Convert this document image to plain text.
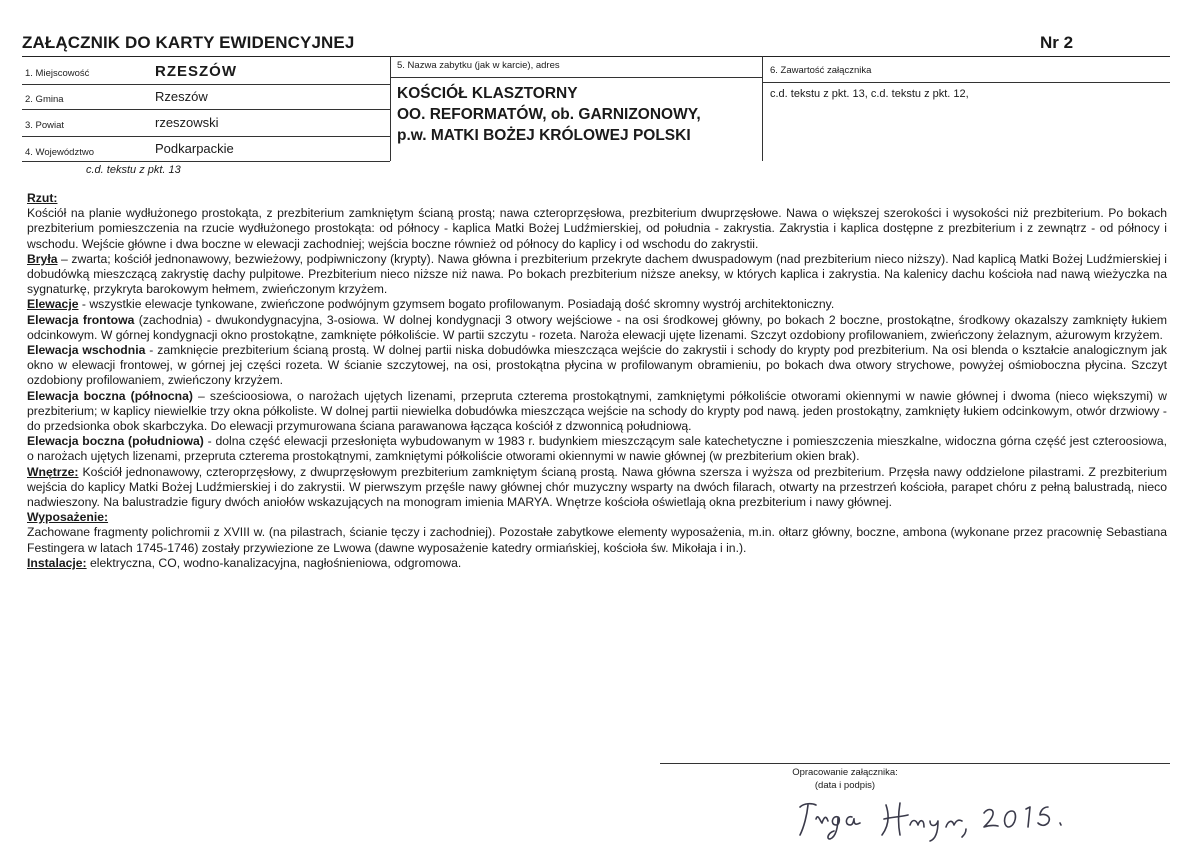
ZAŁĄCZNIK DO KARTY EWIDENCYJNEJ	Nr 2
1. Miejscowość	RZESZÓW
2. Gmina	Rzeszów
3. Powiat	rzeszowski
4. Województwo	Podkarpackie
5. Nazwa zabytku (jak w karcie), adres
KOŚCIÓŁ KLASZTORNY
OO. REFORMATÓW, ob. GARNIZONOWY,
p.w. MATKI BOŻEJ KRÓLOWEJ POLSKI
6. Zawartość załącznika
c.d. tekstu z pkt. 13, c.d. tekstu z pkt. 12,
c.d. tekstu z pkt. 13

Rzut:

Kościół na planie wydłużonego prostokąta, z prezbiterium zamkniętym ścianą prostą; nawa czteroprzęsłowa, prezbiterium dwuprzęsłowe. Nawa o większej szerokości i wysokości niż prezbiterium. Po bokach prezbiterium pomieszczenia na rzucie wydłużonego prostokąta: od północy - kaplica Matki Bożej Ludźmierskiej, od południa - zakrystia. Zakrystia i kaplica dostępne z prezbiterium i z zewnątrz - od północy i wschodu. Wejście główne i dwa boczne w elewacji zachodniej; wejścia boczne również od północy do kaplicy i od wschodu do zakrystii.

Bryła – zwarta; kościół jednonawowy, bezwieżowy, podpiwniczony (krypty). Nawa główna i prezbiterium przekryte dachem dwuspadowym (nad prezbiterium nieco niższy). Nad kaplicą Matki Bożej Ludźmierskiej i dobudówką mieszczącą zakrystię dachy pulpitowe. Prezbiterium nieco niższe niż nawa. Po bokach prezbiterium niższe aneksy, w których kaplica i zakrystia. Na kalenicy dachu kościoła nad nawą wieżyczka na sygnaturkę, przykryta barokowym hełmem, zwieńczonym krzyżem.

Elewacje - wszystkie elewacje tynkowane, zwieńczone podwójnym gzymsem bogato profilowanym. Posiadają dość skromny wystrój architektoniczny.

Elewacja frontowa (zachodnia) - dwukondygnacyjna, 3-osiowa. W dolnej kondygnacji 3 otwory wejściowe - na osi środkowej główny, po bokach 2 boczne, prostokątne, środkowy okazalszy zamknięty łukiem odcinkowym. W górnej kondygnacji okno prostokątne, zamknięte półkoliście. W partii szczytu - rozeta. Naroża elewacji ujęte lizenami. Szczyt ozdobiony profilowaniem, zwieńczony żelaznym, ażurowym krzyżem.

Elewacja wschodnia - zamknięcie prezbiterium ścianą prostą. W dolnej partii niska dobudówka mieszcząca wejście do zakrystii i schody do krypty pod prezbiterium. Na osi blenda o kształcie analogicznym jak okno w elewacji frontowej, w górnej jej części rozeta. W ścianie szczytowej, na osi, prostokątna płycina w profilowanym obramieniu, po bokach dwa otwory strychowe, powyżej ośmioboczna płycina. Szczyt ozdobiony profilowaniem, zwieńczony krzyżem.

Elewacja boczna (północna) – sześcioosiowa, o narożach ujętych lizenami, przepruta czterema prostokątnymi, zamkniętymi półkoliście otworami okiennymi w nawie głównej i dwoma (nieco większymi) w prezbiterium; w kaplicy niewielkie trzy okna półkoliste. W dolnej partii niewielka dobudówka mieszcząca wejście na schody do krypty pod nawą. jeden prostokątny, zamknięty łukiem odcinkowym, otwór drzwiowy - do przedsionka obok skarbczyka. Do elewacji przymurowana ściana parawanowa łącząca kościół z dzwonnicą południową.

Elewacja boczna (południowa) - dolna część elewacji przesłonięta wybudowanym w 1983 r. budynkiem mieszczącym sale katechetyczne i pomieszczenia mieszkalne, widoczna górna część jest czteroosiowa, o narożach ujętych lizenami, przepruta czterema prostokątnymi, zamkniętymi półkoliście otworami okiennymi w nawie głównej (w prezbiterium okien brak).

Wnętrze: Kościół jednonawowy, czteroprzęsłowy, z dwuprzęsłowym prezbiterium zamkniętym ścianą prostą. Nawa główna szersza i wyższa od prezbiterium. Przęsła nawy oddzielone pilastrami. Z prezbiterium wejścia do kaplicy Matki Bożej Ludźmierskiej i do zakrystii. W pierwszym przęśle nawy głównej chór muzyczny wsparty na dwóch filarach, otwarty na przestrzeń kościoła, parapet chóru z pełną balustradą, nieco nadwieszony. Na balustradzie figury dwóch aniołów wskazujących na monogram imienia MARYA. Wnętrze kościoła oświetlają okna prezbiterium i nawy głównej.

Wyposażenie:

Zachowane fragmenty polichromii z XVIII w. (na pilastrach, ścianie tęczy i zachodniej). Pozostałe zabytkowe elementy wyposażenia, m.in. ołtarz główny, boczne, ambona (wykonane przez pracownię Sebastiana Festingera w latach 1745-1746) zostały przywiezione ze Lwowa (dawne wyposażenie katedry ormiańskiej, kościoła św. Mikołaja i in.).

Instalacje: elektryczna, CO, wodno-kanalizacyjna, nagłośnieniowa, odgromowa.

Opracowanie załącznika:
(data i podpis)
